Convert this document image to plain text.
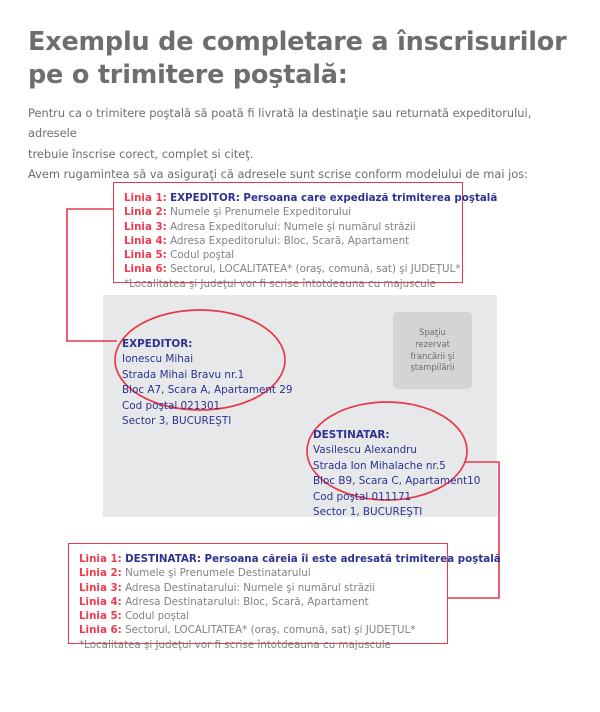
Exemplu de completare a înscrisurilor pe o trimitere poştală:

Pentru ca o trimitere poştală să poată fi livrată la destinaţie sau returnată expeditorului, adresele

trebuie înscrise corect, complet si citeţ.

Avem rugamintea să va asiguraţi că adresele sunt scrise conform modelului de mai jos:

Linia 1: EXPEDITOR: Persoana care expediază trimiterea poştală
Linia 2: Numele şi Prenumele Expeditorului
Linia 3: Adresa Expeditorului: Numele şi numărul străzii
Linia 4: Adresa Expeditorului: Bloc, Scară, Apartament
Linia 5: Codul poştal
Linia 6: Sectorul, LOCALITATEA* (oraş, comună, sat) şi JUDEŢUL*
*Localitatea şi Judeţul vor fi scrise întotdeauna cu majuscule
Spaţiu
rezervat
francării şi
ştampilării
EXPEDITOR:
Ionescu Mihai
Strada Mihai Bravu nr.1
Bloc A7, Scara A, Apartament 29
Cod poştal 021301
Sector 3, BUCUREŞTI
DESTINATAR:
Vasilescu Alexandru
Strada Ion Mihalache nr.5
Bloc B9, Scara C, Apartament10
Cod poştal 011171
Sector 1, BUCUREŞTI
Linia 1: DESTINATAR: Persoana căreia îi este adresată trimiterea poştală
Linia 2: Numele şi Prenumele Destinatarului
Linia 3: Adresa Destinatarului: Numele şi numărul străzii
Linia 4: Adresa Destinatarului: Bloc, Scară, Apartament
Linia 5: Codul poştal
Linia 6: Sectorul, LOCALITATEA* (oraş, comună, sat) şi JUDEŢUL*
*Localitatea şi Judeţul vor fi scrise întotdeauna cu majuscule
